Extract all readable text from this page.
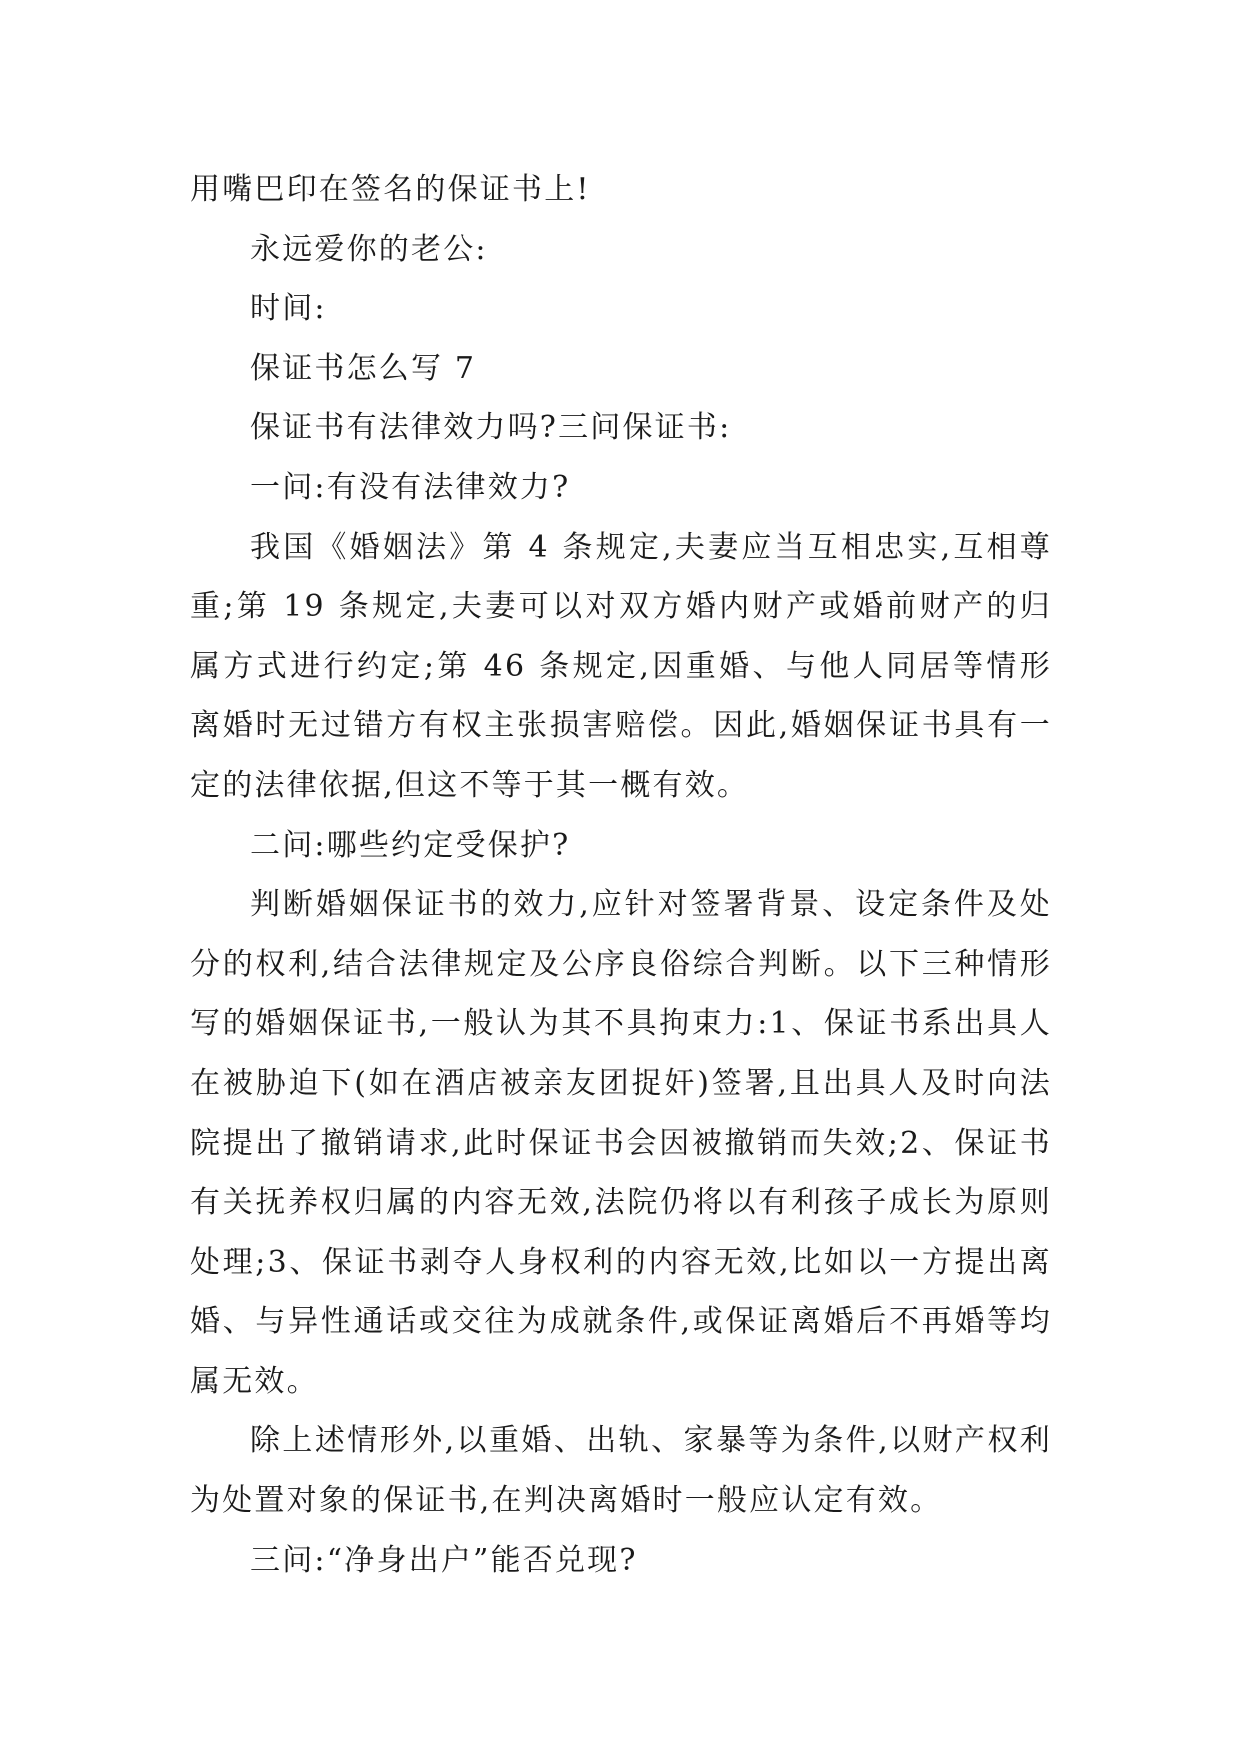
用嘴巴印在签名的保证书上!

永远爱你的老公:

时间:

保证书怎么写 7

保证书有法律效力吗?三问保证书:

一问:有没有法律效力?

我国《婚姻法》第 4 条规定,夫妻应当互相忠实,互相尊重;第 19 条规定,夫妻可以对双方婚内财产或婚前财产的归属方式进行约定;第 46 条规定,因重婚、与他人同居等情形离婚时无过错方有权主张损害赔偿。因此,婚姻保证书具有一定的法律依据,但这不等于其一概有效。

二问:哪些约定受保护?

判断婚姻保证书的效力,应针对签署背景、设定条件及处分的权利,结合法律规定及公序良俗综合判断。以下三种情形写的婚姻保证书,一般认为其不具拘束力:1、保证书系出具人在被胁迫下(如在酒店被亲友团捉奸)签署,且出具人及时向法院提出了撤销请求,此时保证书会因被撤销而失效;2、保证书有关抚养权归属的内容无效,法院仍将以有利孩子成长为原则处理;3、保证书剥夺人身权利的内容无效,比如以一方提出离婚、与异性通话或交往为成就条件,或保证离婚后不再婚等均属无效。

除上述情形外,以重婚、出轨、家暴等为条件,以财产权利为处置对象的保证书,在判决离婚时一般应认定有效。

三问:“净身出户”能否兑现?
